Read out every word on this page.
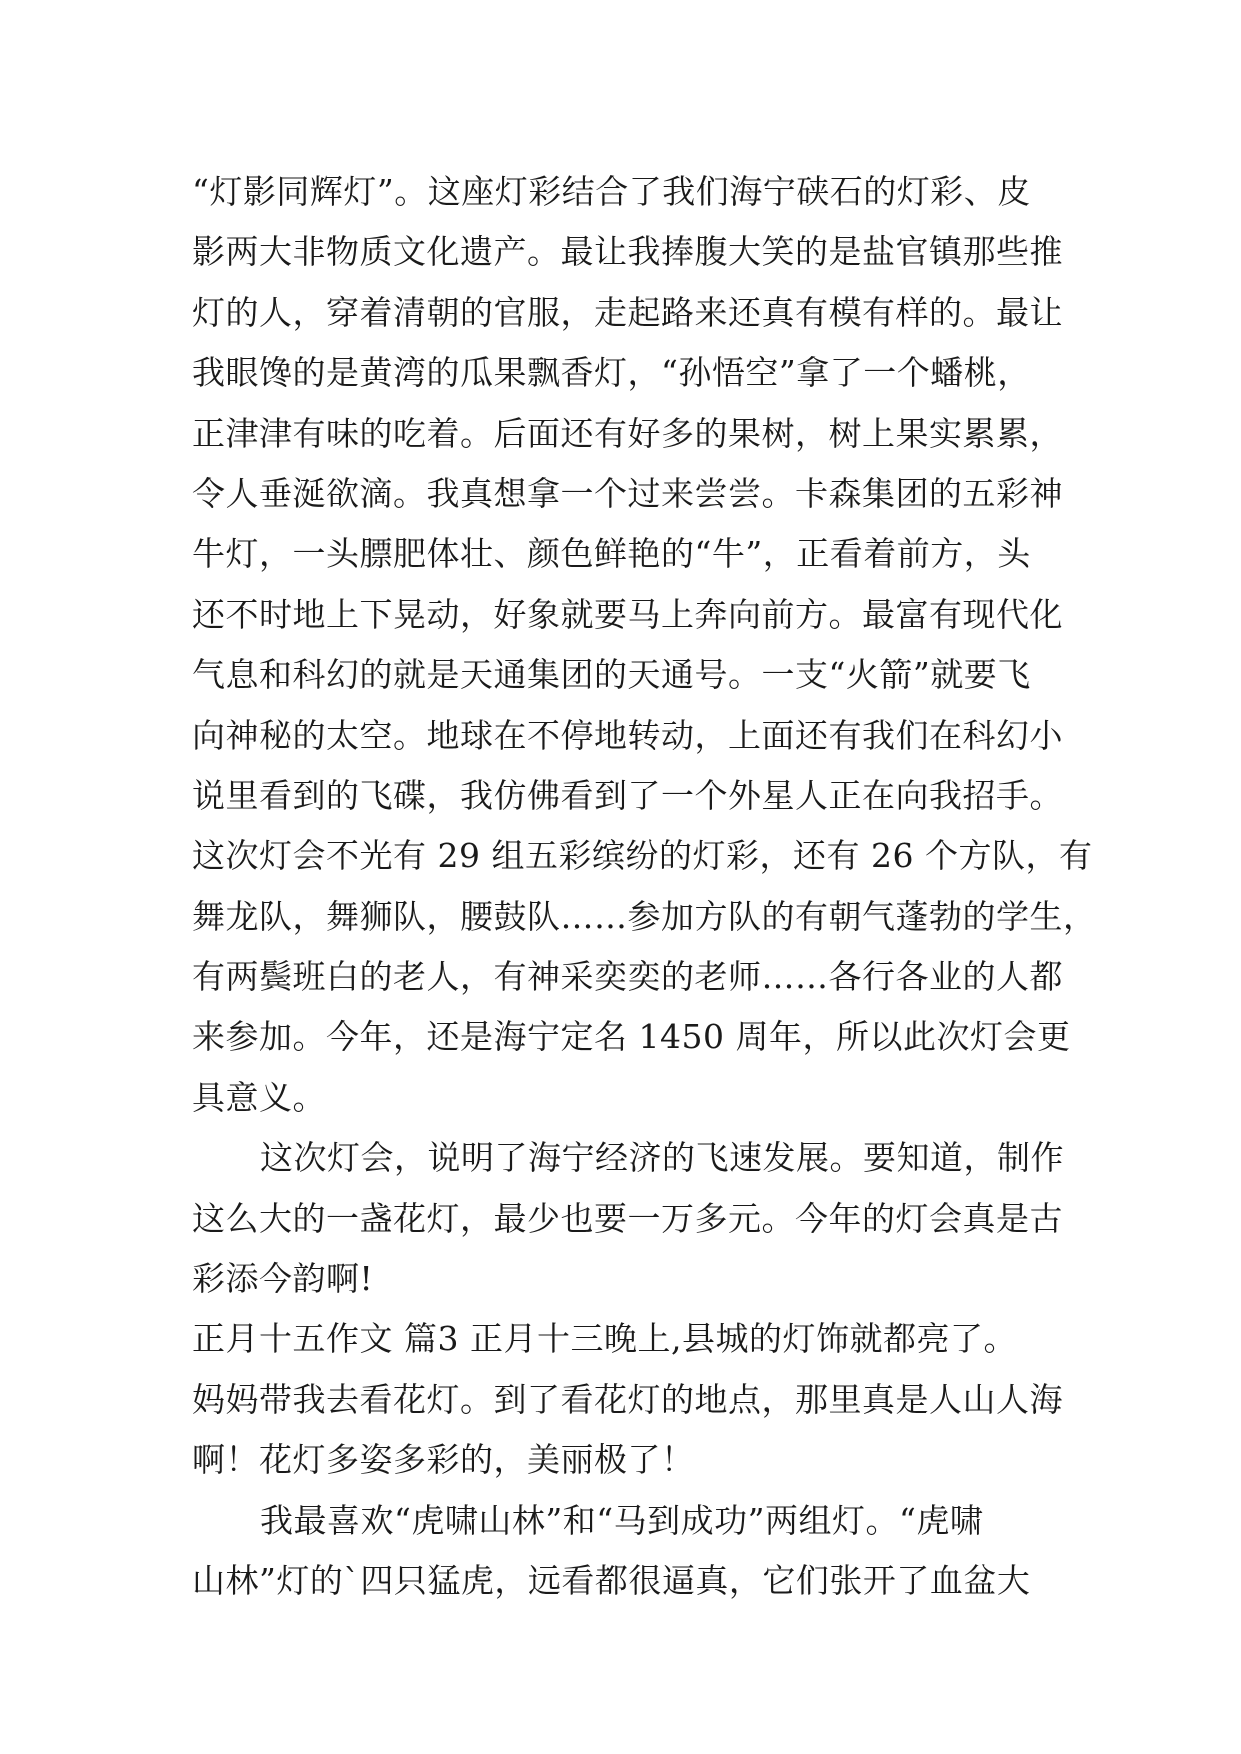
“灯影同辉灯”。这座灯彩结合了我们海宁硖石的灯彩、皮
影两大非物质文化遗产。最让我捧腹大笑的是盐官镇那些推
灯的人，穿着清朝的官服，走起路来还真有模有样的。最让
我眼馋的是黄湾的瓜果飘香灯，“孙悟空”拿了一个蟠桃，
正津津有味的吃着。后面还有好多的果树，树上果实累累，
令人垂涎欲滴。我真想拿一个过来尝尝。卡森集团的五彩神
牛灯，一头膘肥体壮、颜色鲜艳的“牛”，正看着前方，头
还不时地上下晃动，好象就要马上奔向前方。最富有现代化
气息和科幻的就是天通集团的天通号。一支“火箭”就要飞
向神秘的太空。地球在不停地转动，上面还有我们在科幻小
说里看到的飞碟，我仿佛看到了一个外星人正在向我招手。
这次灯会不光有 29 组五彩缤纷的灯彩，还有 26 个方队，有
舞龙队，舞狮队，腰鼓队……参加方队的有朝气蓬勃的学生，
有两鬓班白的老人，有神采奕奕的老师……各行各业的人都
来参加。今年，还是海宁定名 1450 周年，所以此次灯会更
具意义。
这次灯会，说明了海宁经济的飞速发展。要知道，制作
这么大的一盏花灯，最少也要一万多元。今年的灯会真是古
彩添今韵啊!
正月十五作文 篇3 正月十三晚上,县城的灯饰就都亮了。
妈妈带我去看花灯。到了看花灯的地点，那里真是人山人海
啊！花灯多姿多彩的，美丽极了！
我最喜欢“虎啸山林”和“马到成功”两组灯。“虎啸
山林”灯的`四只猛虎，远看都很逼真，它们张开了血盆大
